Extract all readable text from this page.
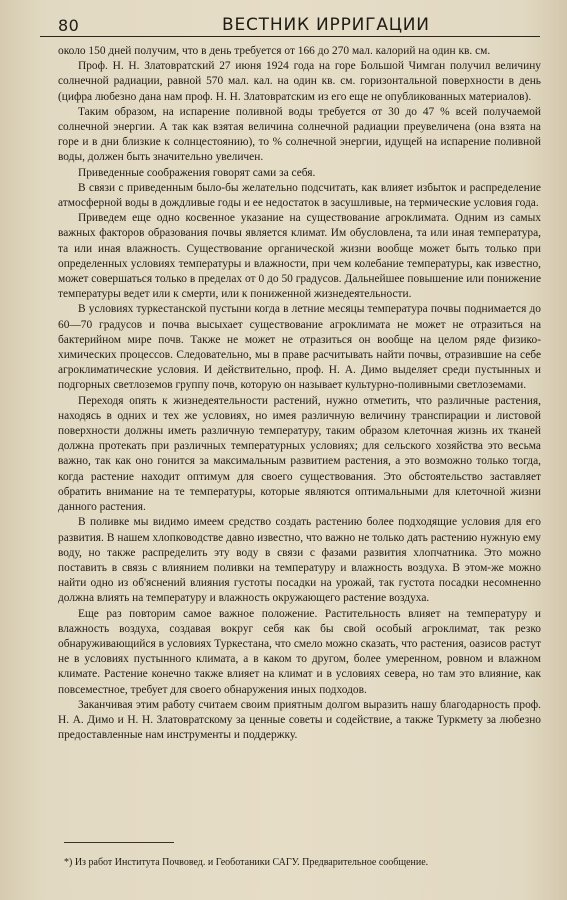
80	ВЕСТНИК ИРРИГАЦИИ

около 150 дней получим, что в день требуется от 166 до 270 мал. калорий на один кв. см.

Проф. Н. Н. Златовратский 27 июня 1924 года на горе Большой Чимган получил величину солнечной радиации, равной 570 мал. кал. на один кв. см. горизонтальной поверхности в день (цифра любезно дана нам проф. Н. Н. Златовратским из его еще не опубликованных материалов).

Таким образом, на испарение поливной воды требуется от 30 до 47 % всей получаемой солнечной энергии. А так как взятая величина солнечной радиации преувеличена (она взята на горе и в дни близкие к солнцестоянию), то % солнечной энергии, идущей на испарение поливной воды, должен быть значительно увеличен.

Приведенные соображения говорят сами за себя.

В связи с приведенным было-бы желательно подсчитать, как влияет избыток и распределение атмосферной воды в дождливые годы и ее недостаток в засушливые, на термические условия года.

Приведем еще одно косвенное указание на существование агроклимата. Одним из самых важных факторов образования почвы является климат. Им обусловлена, та или иная температура, та или иная влажность. Существование органической жизни вообще может быть только при определенных условиях температуры и влажности, при чем колебание температуры, как известно, может совершаться только в пределах от 0 до 50 градусов. Дальнейшее повышение или понижение температуры ведет или к смерти, или к пониженной жизнедеятельности.

В условиях туркестанской пустыни когда в летние месяцы температура почвы поднимается до 60—70 градусов и почва высыхает существование агроклимата не может не отразиться на бактерийном мире почв. Также не может не отразиться он вообще на целом ряде физико-химических процессов. Следовательно, мы в праве расчитывать найти почвы, отразившие на себе агроклиматические условия. И действительно, проф. Н. А. Димо выделяет среди пустынных и подгорных светлоземов группу почв, которую он называет культурно-поливными светлоземами.

Переходя опять к жизнедеятельности растений, нужно отметить, что различные растения, находясь в одних и тех же условиях, но имея различную величину транспирации и листовой поверхности должны иметь различную температуру, таким образом клеточная жизнь их тканей должна протекать при различных температурных условиях; для сельского хозяйства это весьма важно, так как оно гонится за максимальным развитием растения, а это возможно только тогда, когда растение находит оптимум для своего существования. Это обстоятельство заставляет обратить внимание на те температуры, которые являются оптимальными для клеточной жизни данного растения.

В поливке мы видимо имеем средство создать растению более подходящие условия для его развития. В нашем хлопководстве давно известно, что важно не только дать растению нужную ему воду, но также распределить эту воду в связи с фазами развития хлопчатника. Это можно поставить в связь с влиянием поливки на температуру и влажность воздуха. В этом-же можно найти одно из об'яснений влияния густоты посадки на урожай, так густота посадки несомненно должна влиять на температуру и влажность окружающего растение воздуха.

Еще раз повторим самое важное положение. Растительность влияет на температуру и влажность воздуха, создавая вокруг себя как бы свой особый агроклимат, так резко обнаруживающийся в условиях Туркестана, что смело можно сказать, что растения, оазисов растут не в условиях пустынного климата, а в каком то другом, более умеренном, ровном и влажном климате. Растение конечно также влияет на климат и в условиях севера, но там это влияние, как повсеместное, требует для своего обнаружения иных подходов.

Заканчивая этим работу считаем своим приятным долгом выразить нашу благодарность проф. Н. А. Димо и Н. Н. Златовратскому за ценные советы и содействие, а также Туркмету за любезно предоставленные нам инструменты и поддержку.

*) Из работ Института Почвовед. и Геоботаники САГУ. Предварительное сообщение.
